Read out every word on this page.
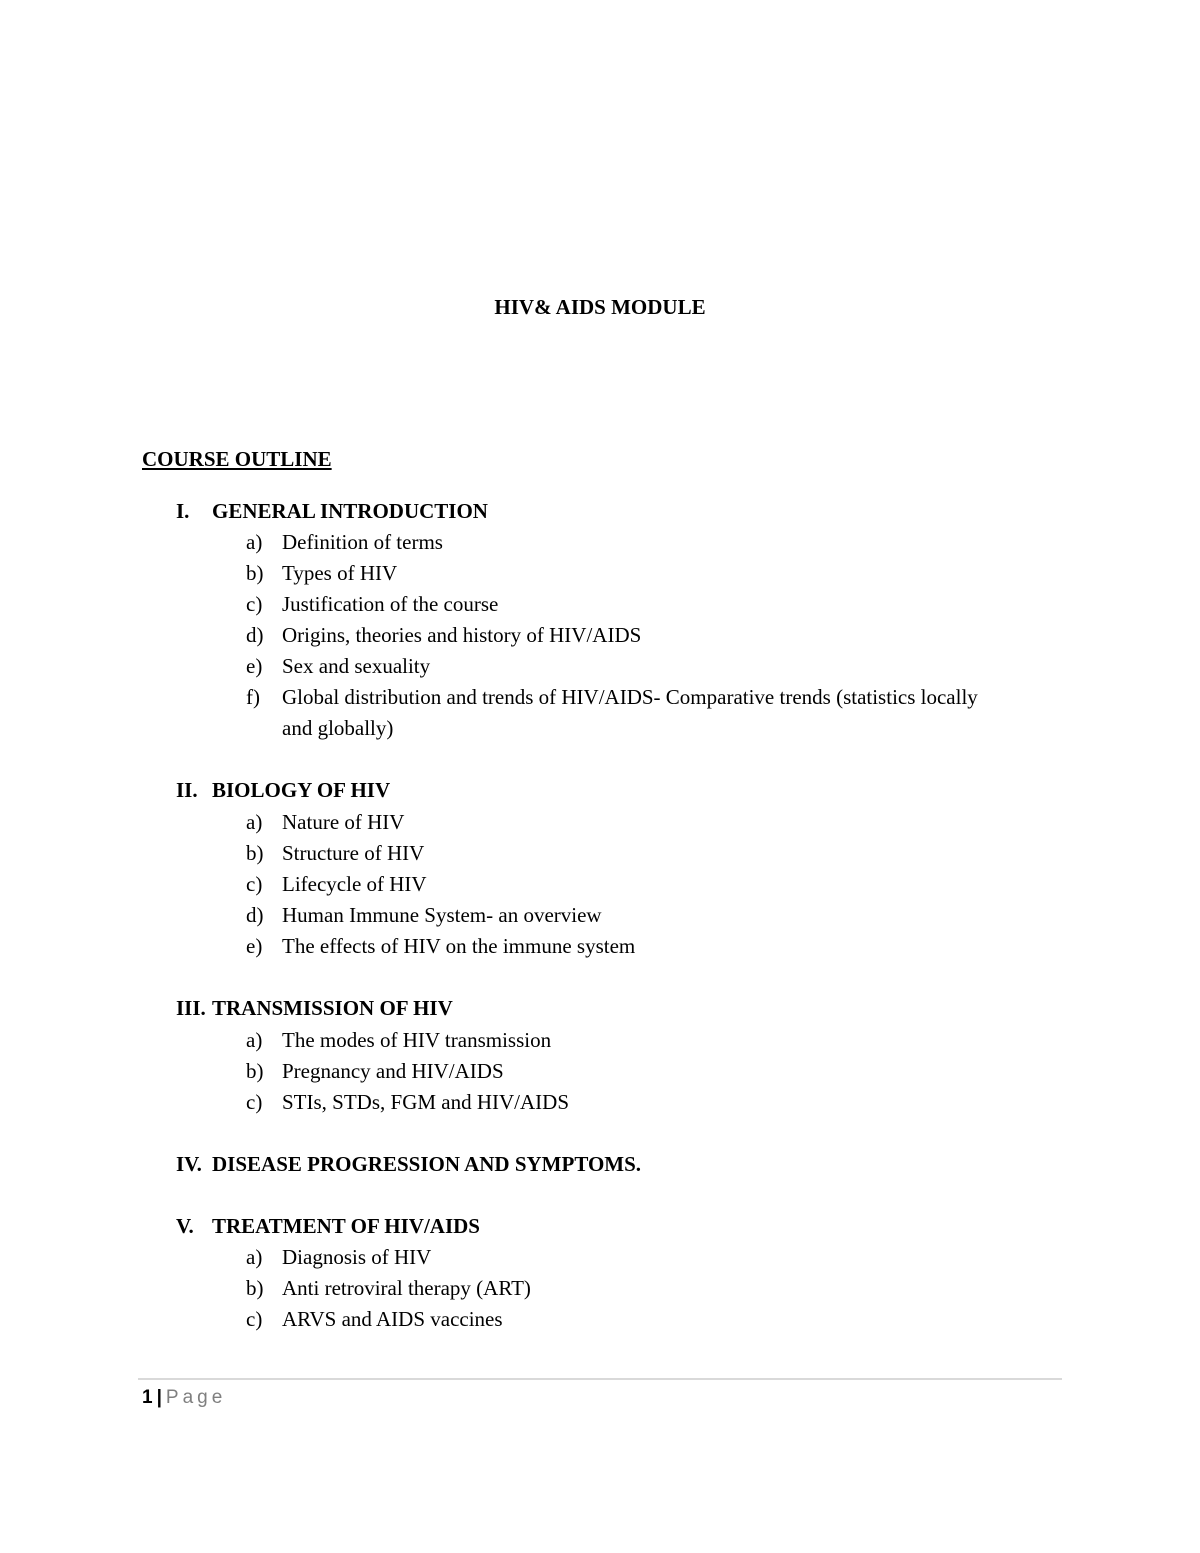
HIV& AIDS MODULE
COURSE OUTLINE
I. GENERAL INTRODUCTION
a) Definition of terms
b) Types of HIV
c) Justification of the course
d) Origins, theories and history of HIV/AIDS
e) Sex and sexuality
f)	Global distribution and trends of HIV/AIDS- Comparative trends (statistics locally and globally)
II. BIOLOGY OF HIV
a) Nature of HIV
b) Structure of HIV
c) Lifecycle of HIV
d) Human Immune System- an overview
e) The effects of HIV on the immune system
III. TRANSMISSION OF HIV
a) The modes of HIV transmission
b) Pregnancy and HIV/AIDS
c) STIs, STDs, FGM and HIV/AIDS
IV. DISEASE PROGRESSION AND SYMPTOMS.
V. TREATMENT OF HIV/AIDS
a) Diagnosis of HIV
b) Anti retroviral therapy (ART)
c) ARVS and AIDS vaccines
1 | Page
